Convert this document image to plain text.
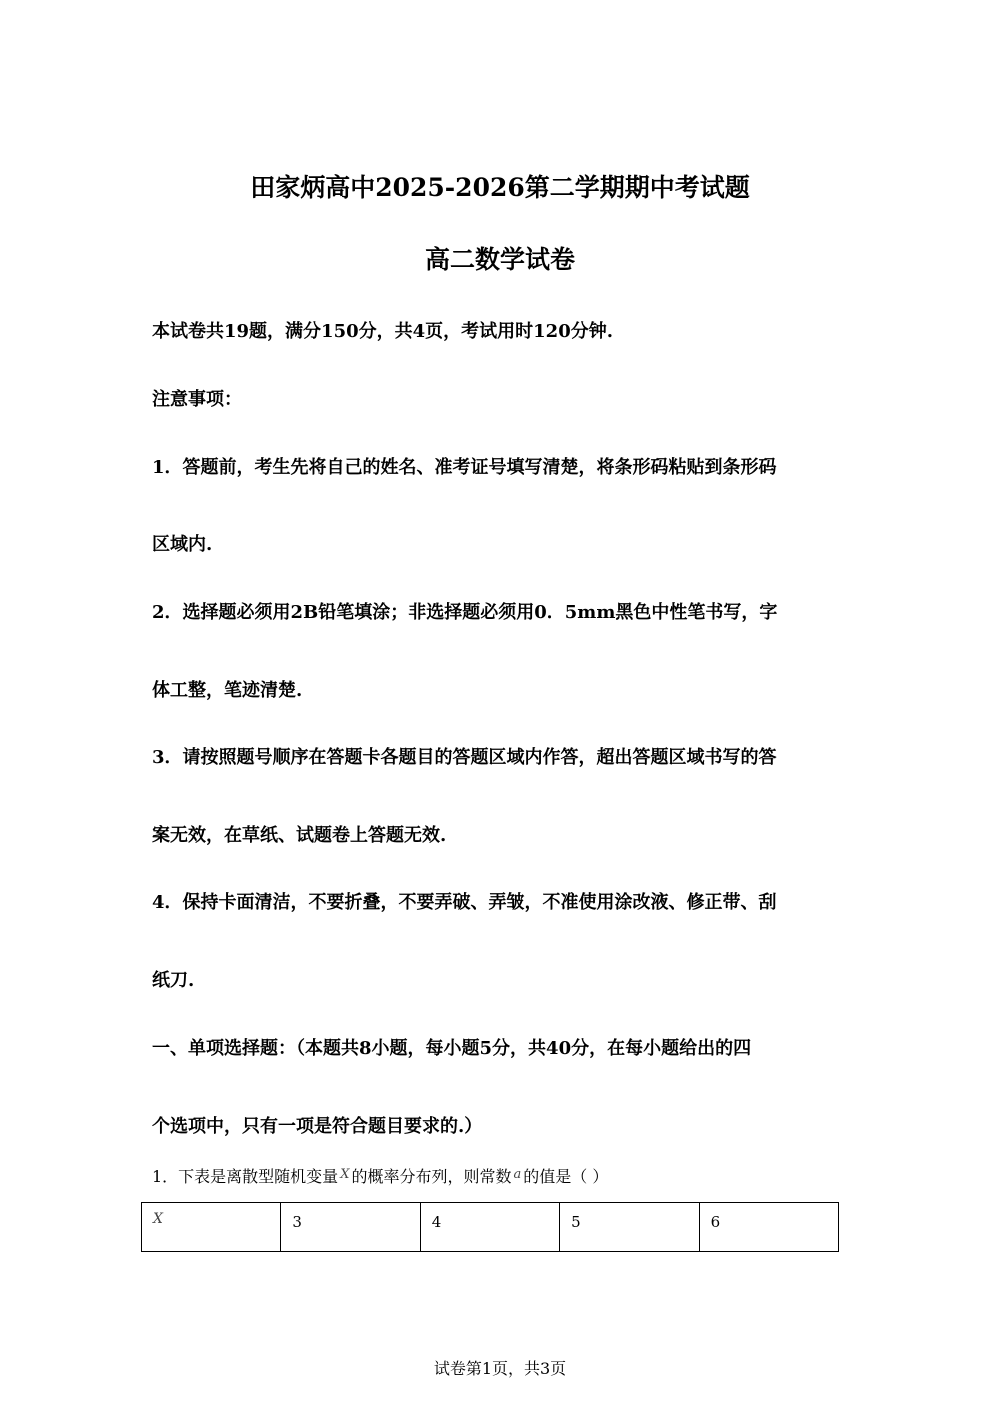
田家炳高中2025-2026第二学期期中考试题
高二数学试卷
本试卷共19题，满分150分，共4页，考试用时120分钟.
注意事项：
1．答题前，考生先将自己的姓名、准考证号填写清楚，将条形码粘贴到条形码
区域内.
2．选择题必须用2B铅笔填涂；非选择题必须用0．5mm黑色中性笔书写，字
体工整，笔迹清楚.
3．请按照题号顺序在答题卡各题目的答题区域内作答，超出答题区域书写的答
案无效，在草纸、试题卷上答题无效.
4．保持卡面清洁，不要折叠，不要弄破、弄皱，不准使用涂改液、修正带、刮
纸刀.
一、单项选择题：（本题共8小题，每小题5分，共40分，在每小题给出的四
个选项中，只有一项是符合题目要求的.）
1．下表是离散型随机变量 $^X$ 的概率分布列，则常数 $^a$ 的值是（ ）
X	3	4	5	6
试卷第1页，共3页
